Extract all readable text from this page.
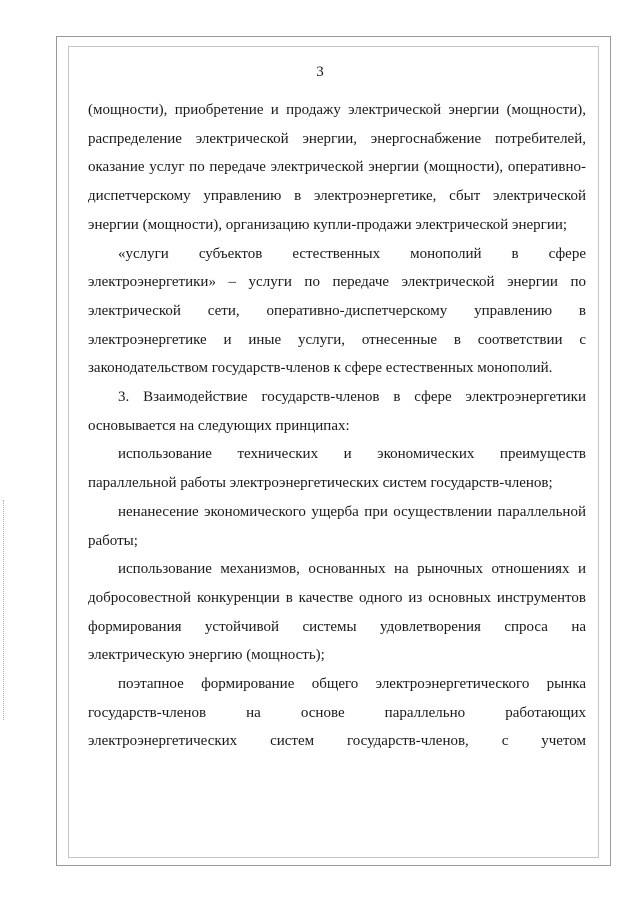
3

(мощности), приобретение и продажу электрической энергии (мощности), распределение электрической энергии, энергоснабжение потребителей, оказание услуг по передаче электрической энергии (мощности), оперативно-диспетчерскому управлению в электроэнергетике, сбыт электрической энергии (мощности), организацию купли-продажи электрической энергии;

«услуги субъектов естественных монополий в сфере электроэнергетики» – услуги по передаче электрической энергии по электрической сети, оперативно-диспетчерскому управлению в электроэнергетике и иные услуги, отнесенные в соответствии с законодательством государств-членов к сфере естественных монополий.

3. Взаимодействие государств-членов в сфере электроэнергетики основывается на следующих принципах:

использование технических и экономических преимуществ параллельной работы электроэнергетических систем государств-членов;

ненанесение экономического ущерба при осуществлении параллельной работы;

использование механизмов, основанных на рыночных отношениях и добросовестной конкуренции в качестве одного из основных инструментов формирования устойчивой системы удовлетворения спроса на электрическую энергию (мощность);

поэтапное формирование общего электроэнергетического рынка государств-членов на основе параллельно работающих электроэнергетических систем государств-членов, с учетом
